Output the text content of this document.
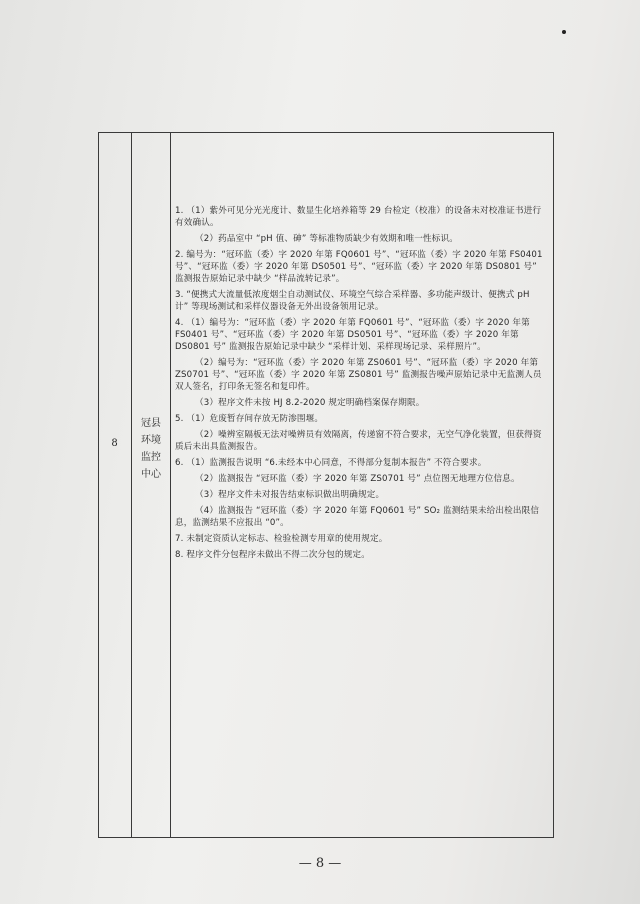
8
冠县
环境
监控
中心

1. （1）紫外可见分光光度计、数显生化培养箱等 29 台检定（校准）的设备未对校准证书进行有效确认。

（2）药品室中 “pH 值、砷” 等标准物质缺少有效期和唯一性标识。

2. 编号为：“冠环监（委）字 2020 年第 FQ0601 号”、“冠环监（委）字 2020 年第 FS0401 号”、“冠环监（委）字 2020 年第 DS0501 号”、“冠环监（委）字 2020 年第 DS0801 号” 监测报告原始记录中缺少 “样品流转记录”。

3. “便携式大流量低浓度烟尘自动测试仪、环境空气综合采样器、多功能声级计、便携式 pH 计” 等现场测试和采样仪器设备无外出设备领用记录。

4. （1）编号为：“冠环监（委）字 2020 年第 FQ0601 号”、“冠环监（委）字 2020 年第 FS0401 号”、“冠环监（委）字 2020 年第 DS0501 号”、“冠环监（委）字 2020 年第 DS0801 号” 监测报告原始记录中缺少 “采样计划、采样现场记录、采样照片”。

（2）编号为：“冠环监（委）字 2020 年第 ZS0601 号”、“冠环监（委）字 2020 年第 ZS0701 号”、“冠环监（委）字 2020 年第 ZS0801 号” 监测报告噪声原始记录中无监测人员双人签名，打印条无签名和复印件。

（3）程序文件未按 HJ 8.2-2020 规定明确档案保存期限。

5. （1）危废暂存间存放无防渗围堰。

（2）噪辨室隔板无法对噪辨员有效隔离，传递窗不符合要求，无空气净化装置，但获得资质后未出具监测报告。

6. （1）监测报告说明 “6.未经本中心同意，不得部分复制本报告” 不符合要求。

（2）监测报告 “冠环监（委）字 2020 年第 ZS0701 号” 点位图无地理方位信息。

（3）程序文件未对报告结束标识做出明确规定。

（4）监测报告 “冠环监（委）字 2020 年第 FQ0601 号” SO₂ 监测结果未给出检出限信息，监测结果不应报出 “0”。

7. 未制定资质认定标志、检验检测专用章的使用规定。

8. 程序文件分包程序未做出不得二次分包的规定。

— 8 —
